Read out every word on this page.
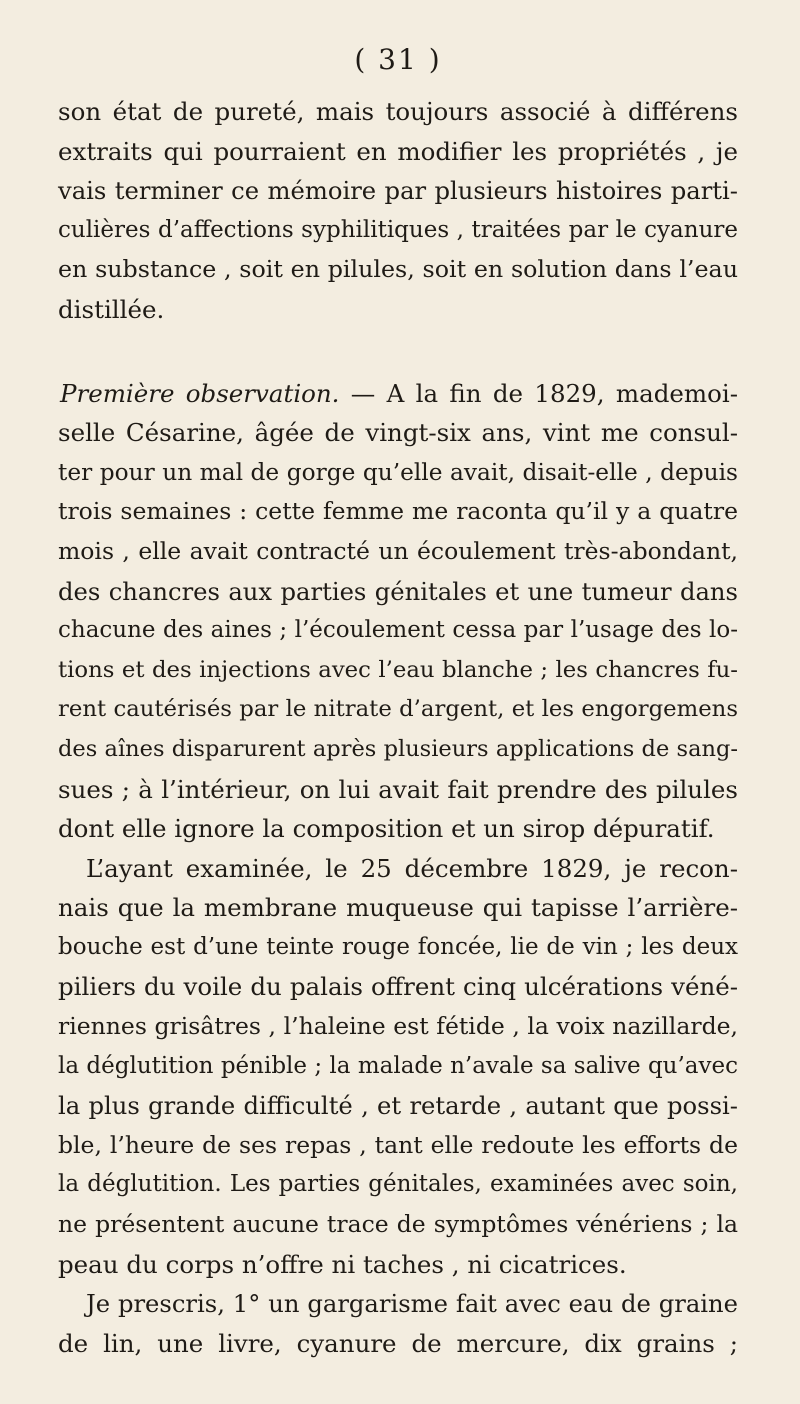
( 31 )
son état de pureté, mais toujours associé à différens
extraits qui pourraient en modifier les propriétés , je
vais terminer ce mémoire par plusieurs histoires parti-
culières d’affections syphilitiques , traitées par le cyanure
en substance , soit en pilules, soit en solution dans l’eau
distillée.
Première observation. — A la fin de 1829, mademoi-
selle Césarine, âgée de vingt-six ans, vint me consul-
ter pour un mal de gorge qu’elle avait, disait-elle , depuis
trois semaines : cette femme me raconta qu’il y a quatre
mois , elle avait contracté un écoulement très-abondant,
des chancres aux parties génitales et une tumeur dans
chacune des aines ; l’écoulement cessa par l’usage des lo-
tions et des injections avec l’eau blanche ; les chancres fu-
rent cautérisés par le nitrate d’argent, et les engorgemens
des aînes disparurent après plusieurs applications de sang-
sues ; à l’intérieur, on lui avait fait prendre des pilules
dont elle ignore la composition et un sirop dépuratif.
L’ayant examinée, le 25 décembre 1829, je recon-
nais que la membrane muqueuse qui tapisse l’arrière-
bouche est d’une teinte rouge foncée, lie de vin ; les deux
piliers du voile du palais offrent cinq ulcérations véné-
riennes grisâtres , l’haleine est fétide , la voix nazillarde,
la déglutition pénible ; la malade n’avale sa salive qu’avec
la plus grande difficulté , et retarde , autant que possi-
ble, l’heure de ses repas , tant elle redoute les efforts de
la déglutition. Les parties génitales, examinées avec soin,
ne présentent aucune trace de symptômes vénériens ; la
peau du corps n’offre ni taches , ni cicatrices.
Je prescris, 1° un gargarisme fait avec eau de graine
de lin, une livre, cyanure de mercure, dix grains ;
